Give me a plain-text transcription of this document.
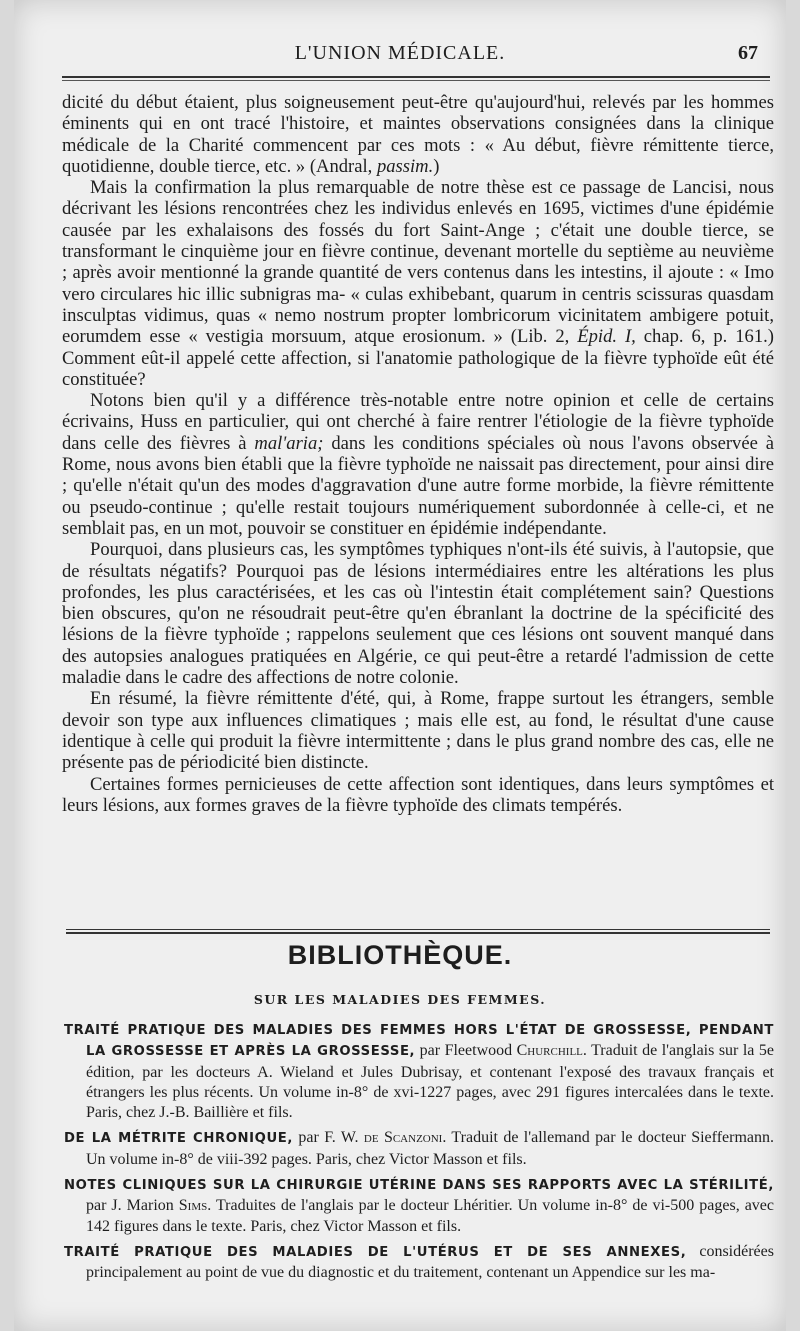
L'UNION MÉDICALE.	67

dicité du début étaient, plus soigneusement peut-être qu'aujourd'hui, relevés par les hommes éminents qui en ont tracé l'histoire, et maintes observations consignées dans la clinique médicale de la Charité commencent par ces mots : « Au début, fièvre rémittente tierce, quotidienne, double tierce, etc. » (Andral, passim.)

Mais la confirmation la plus remarquable de notre thèse est ce passage de Lancisi, nous décrivant les lésions rencontrées chez les individus enlevés en 1695, victimes d'une épidémie causée par les exhalaisons des fossés du fort Saint-Ange ; c'était une double tierce, se transformant le cinquième jour en fièvre continue, devenant mortelle du septième au neuvième ; après avoir mentionné la grande quantité de vers contenus dans les intestins, il ajoute : « Imo vero circulares hic illic subnigras ma- « culas exhibebant, quarum in centris scissuras quasdam insculptas vidimus, quas « nemo nostrum propter lombricorum vicinitatem ambigere potuit, eorumdem esse « vestigia morsuum, atque erosionum. » (Lib. 2, Épid. I, chap. 6, p. 161.) Comment eût-il appelé cette affection, si l'anatomie pathologique de la fièvre typhoïde eût été constituée?

Notons bien qu'il y a différence très-notable entre notre opinion et celle de certains écrivains, Huss en particulier, qui ont cherché à faire rentrer l'étiologie de la fièvre typhoïde dans celle des fièvres à mal'aria; dans les conditions spéciales où nous l'avons observée à Rome, nous avons bien établi que la fièvre typhoïde ne naissait pas directement, pour ainsi dire ; qu'elle n'était qu'un des modes d'aggravation d'une autre forme morbide, la fièvre rémittente ou pseudo-continue ; qu'elle restait toujours numériquement subordonnée à celle-ci, et ne semblait pas, en un mot, pouvoir se constituer en épidémie indépendante.

Pourquoi, dans plusieurs cas, les symptômes typhiques n'ont-ils été suivis, à l'autopsie, que de résultats négatifs? Pourquoi pas de lésions intermédiaires entre les altérations les plus profondes, les plus caractérisées, et les cas où l'intestin était complétement sain? Questions bien obscures, qu'on ne résoudrait peut-être qu'en ébranlant la doctrine de la spécificité des lésions de la fièvre typhoïde ; rappelons seulement que ces lésions ont souvent manqué dans des autopsies analogues pratiquées en Algérie, ce qui peut-être a retardé l'admission de cette maladie dans le cadre des affections de notre colonie.

En résumé, la fièvre rémittente d'été, qui, à Rome, frappe surtout les étrangers, semble devoir son type aux influences climatiques ; mais elle est, au fond, le résultat d'une cause identique à celle qui produit la fièvre intermittente ; dans le plus grand nombre des cas, elle ne présente pas de périodicité bien distincte.

Certaines formes pernicieuses de cette affection sont identiques, dans leurs symptômes et leurs lésions, aux formes graves de la fièvre typhoïde des climats tempérés.

BIBLIOTHÈQUE.
SUR LES MALADIES DES FEMMES.

TRAITÉ PRATIQUE DES MALADIES DES FEMMES HORS L'ÉTAT DE GROSSESSE, PENDANT LA GROSSESSE ET APRÈS LA GROSSESSE, par Fleetwood Churchill. Traduit de l'anglais sur la 5e édition, par les docteurs A. Wieland et Jules Dubrisay, et contenant l'exposé des travaux français et étrangers les plus récents. Un volume in-8° de xvi-1227 pages, avec 291 figures intercalées dans le texte. Paris, chez J.-B. Baillière et fils.

DE LA MÉTRITE CHRONIQUE, par F. W. de Scanzoni. Traduit de l'allemand par le docteur Sieffermann. Un volume in-8° de viii-392 pages. Paris, chez Victor Masson et fils.

NOTES CLINIQUES SUR LA CHIRURGIE UTÉRINE DANS SES RAPPORTS AVEC LA STÉRILITÉ, par J. Marion Sims. Traduites de l'anglais par le docteur Lhéritier. Un volume in-8° de vi-500 pages, avec 142 figures dans le texte. Paris, chez Victor Masson et fils.

TRAITÉ PRATIQUE DES MALADIES DE L'UTÉRUS ET DE SES ANNEXES, considérées principalement au point de vue du diagnostic et du traitement, contenant un Appendice sur les ma-
